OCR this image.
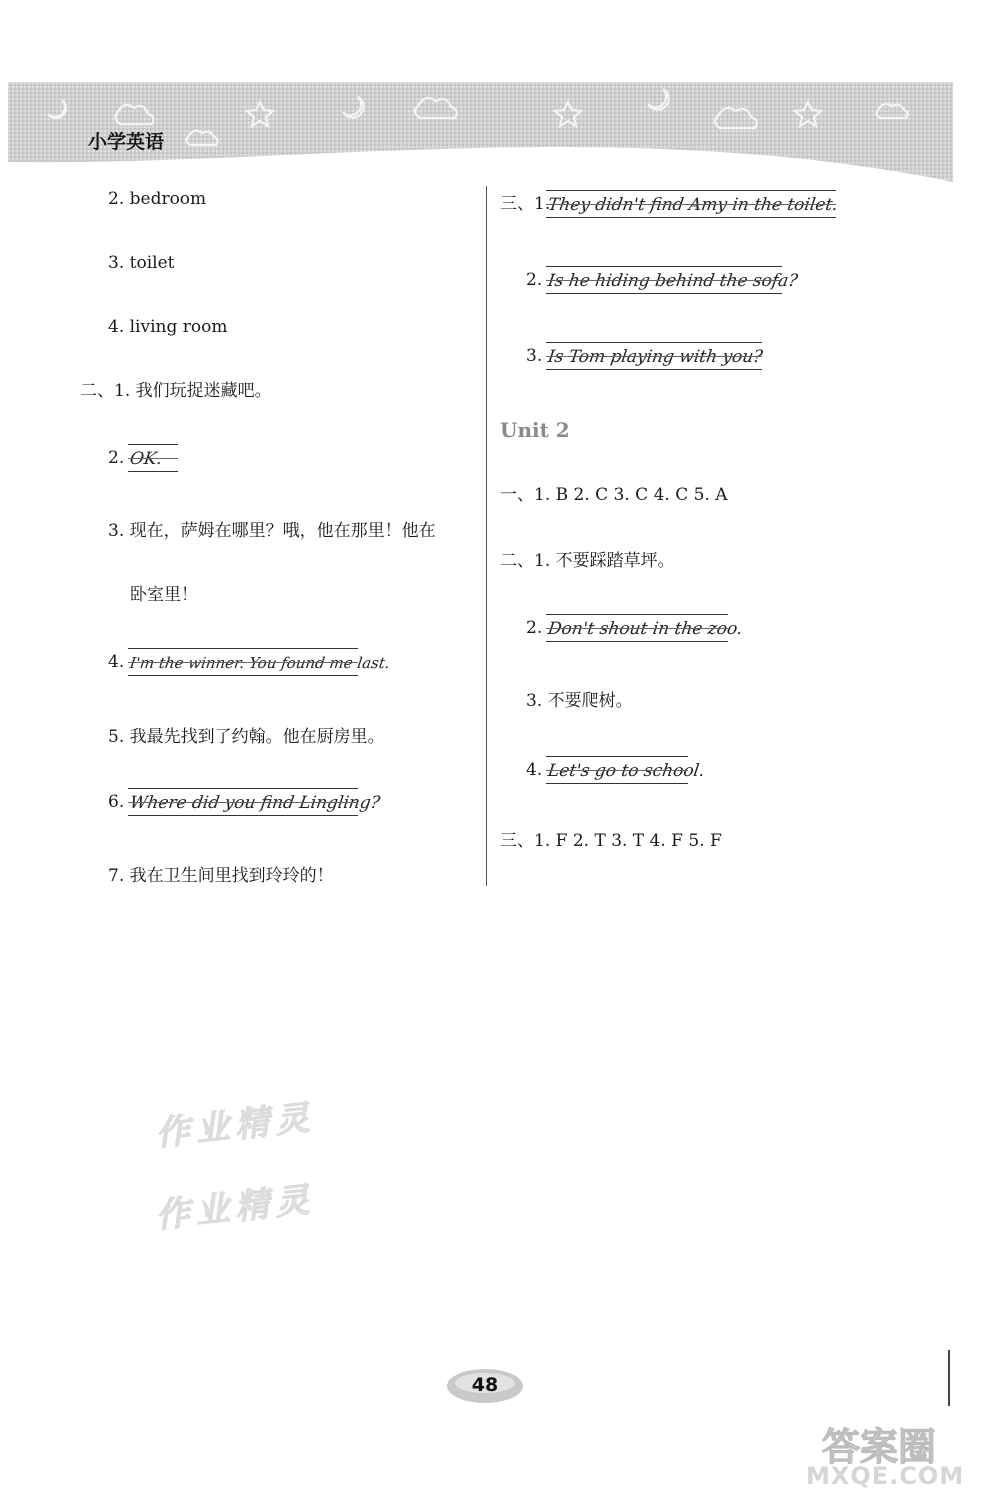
小学英语
2. bedroom
3. toilet
4. living room
二、1. 我们玩捉迷藏吧。
2. OK.
3. 现在，萨姆在哪里？哦，他在那里！他在
卧室里！
4. I'm the winner. You found me last.
5. 我最先找到了约翰。他在厨房里。
6. Where did you find Lingling?
7. 我在卫生间里找到玲玲的！
三、1.
They didn't find Amy in the toilet.
2. Is he hiding behind the sofa?
3. Is Tom playing with you?
Unit 2
一、1. B 2. C 3. C 4. C 5. A
二、1. 不要踩踏草坪。
2. Don't shout in the zoo.
3. 不要爬树。
4. Let's go to school.
三、1. F 2. T 3. T 4. F 5. F
作业精灵
作业精灵
48
答案圈
MXQE.COM
